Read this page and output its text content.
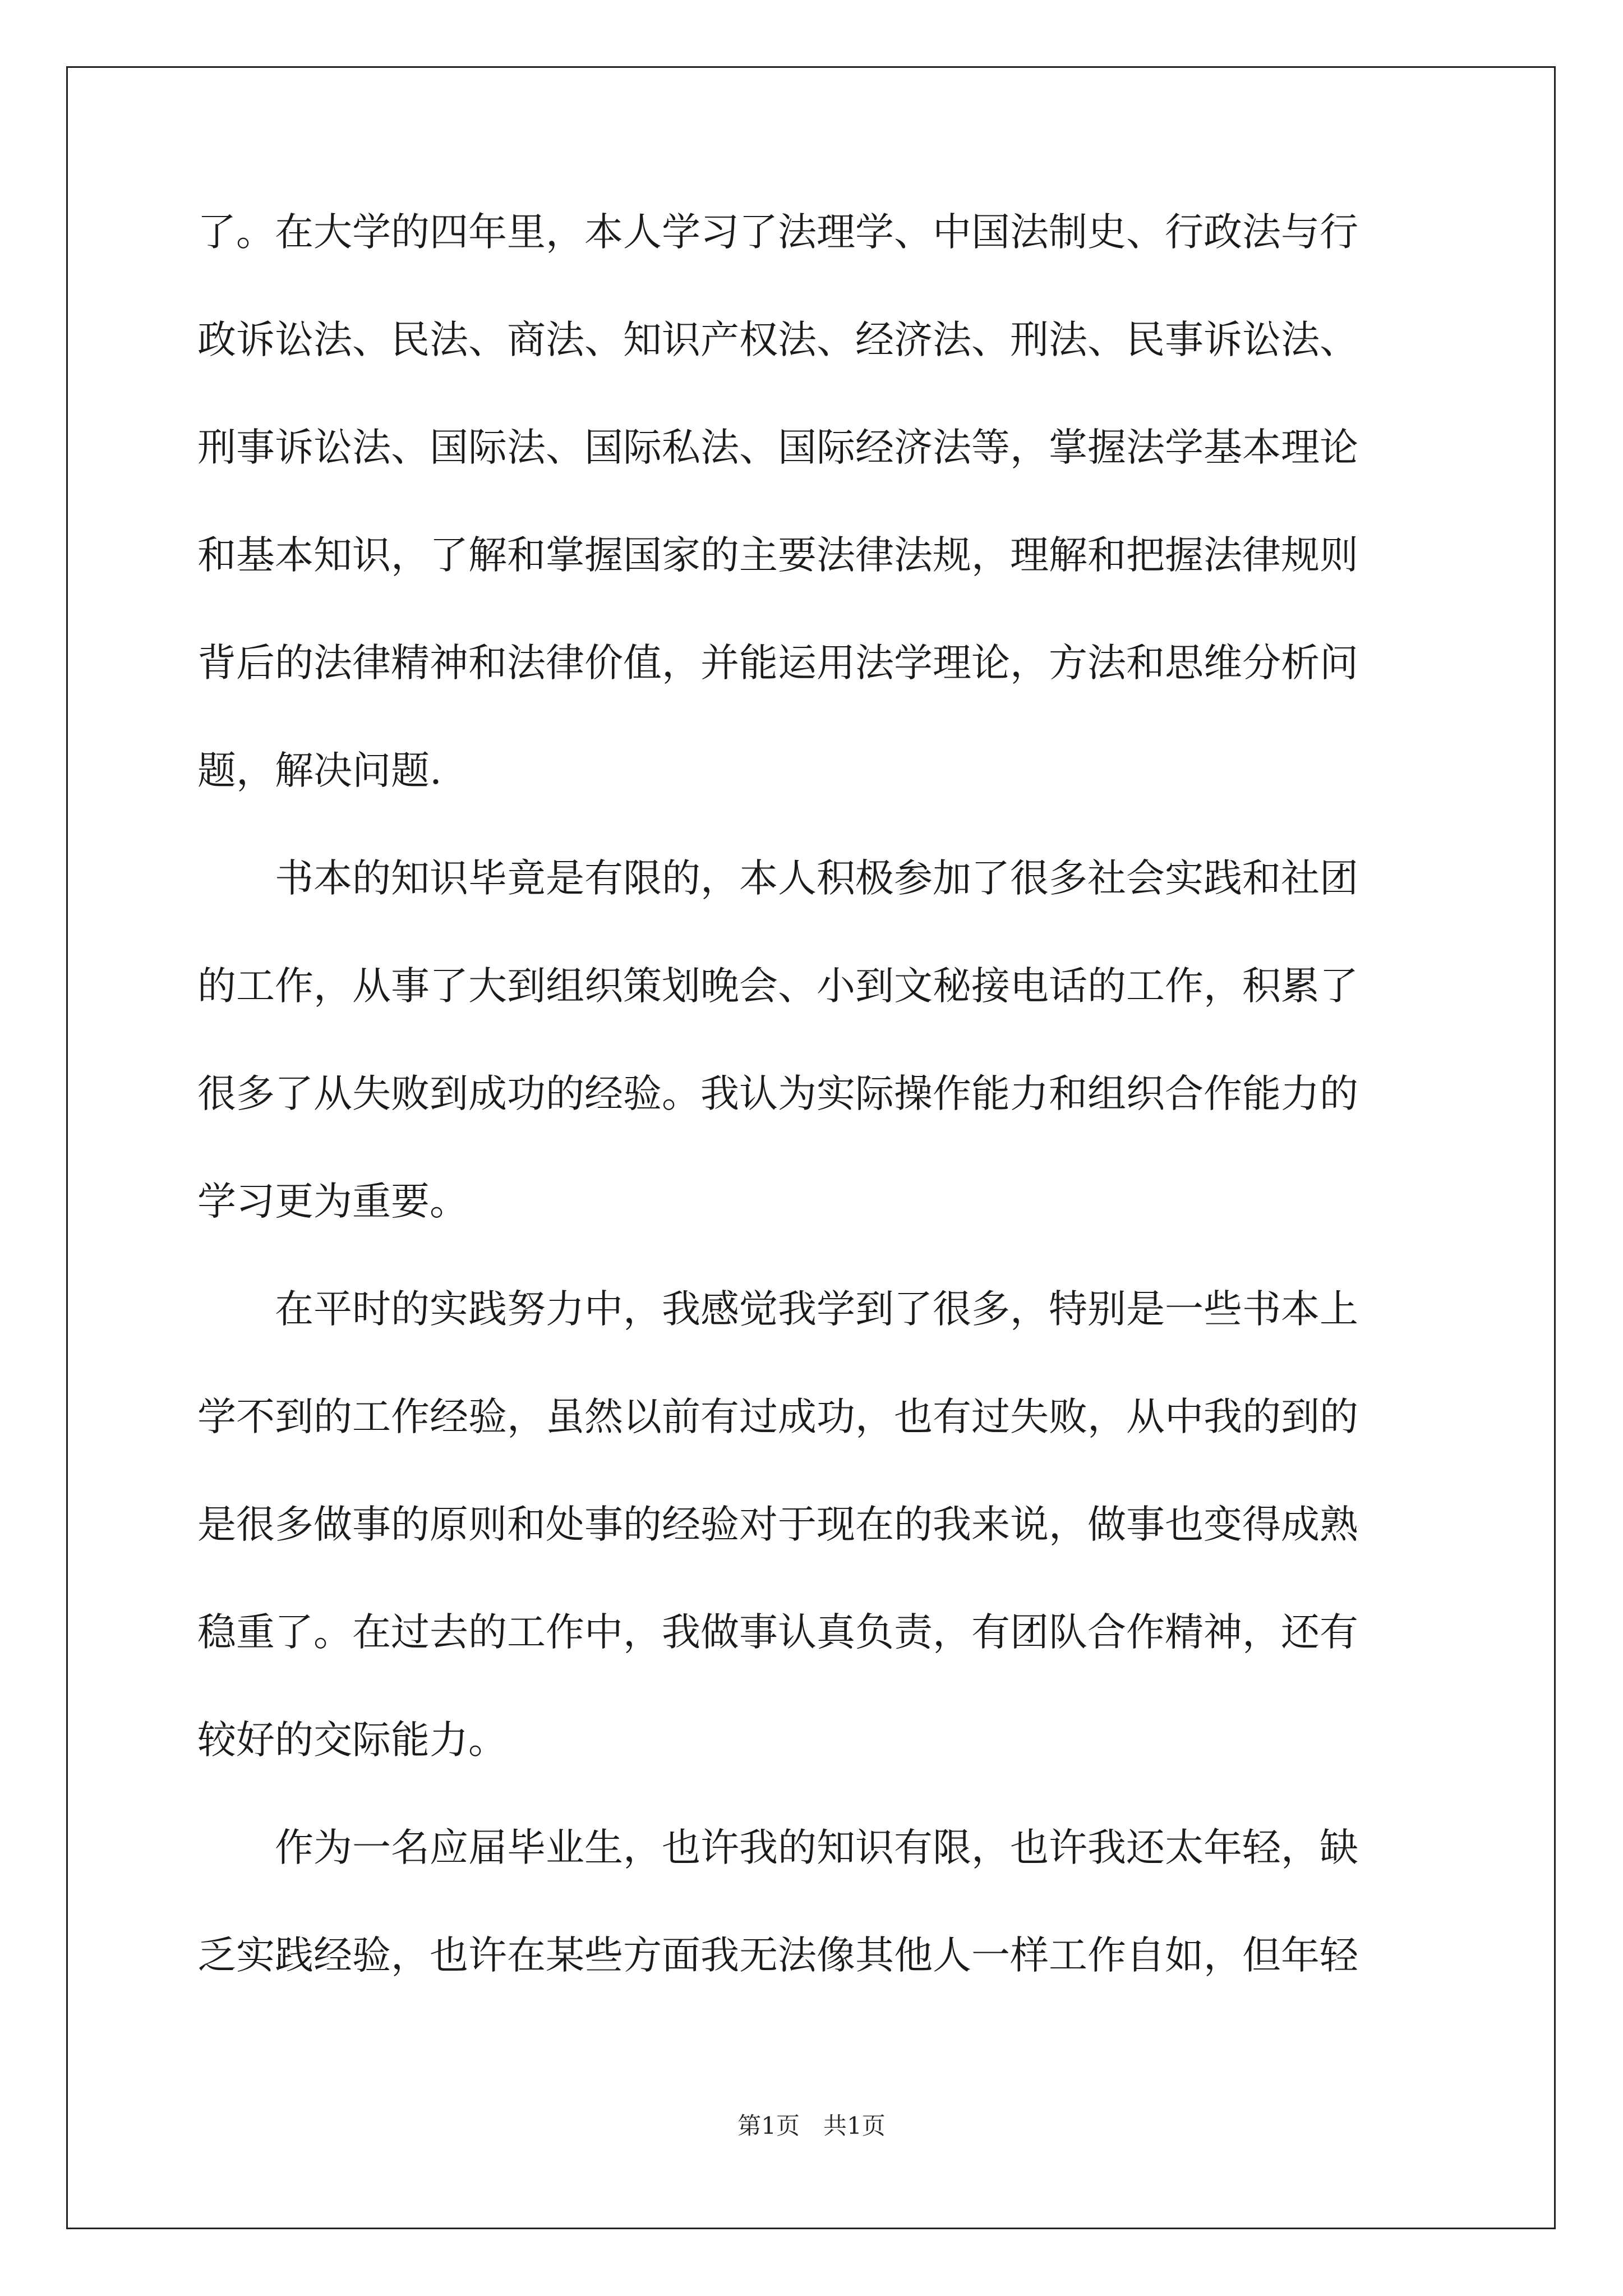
了。在大学的四年里，本人学习了法理学、中国法制史、行政法与行
政诉讼法、民法、商法、知识产权法、经济法、刑法、民事诉讼法、
刑事诉讼法、国际法、国际私法、国际经济法等，掌握法学基本理论
和基本知识，了解和掌握国家的主要法律法规，理解和把握法律规则
背后的法律精神和法律价值，并能运用法学理论，方法和思维分析问
题，解决问题.
　　书本的知识毕竟是有限的，本人积极参加了很多社会实践和社团
的工作，从事了大到组织策划晚会、小到文秘接电话的工作，积累了
很多了从失败到成功的经验。我认为实际操作能力和组织合作能力的
学习更为重要。
　　在平时的实践努力中，我感觉我学到了很多，特别是一些书本上
学不到的工作经验，虽然以前有过成功，也有过失败，从中我的到的
是很多做事的原则和处事的经验对于现在的我来说，做事也变得成熟
稳重了。在过去的工作中，我做事认真负责，有团队合作精神，还有
较好的交际能力。
　　作为一名应届毕业生，也许我的知识有限，也许我还太年轻，缺
乏实践经验，也许在某些方面我无法像其他人一样工作自如，但年轻
第1页　共1页
